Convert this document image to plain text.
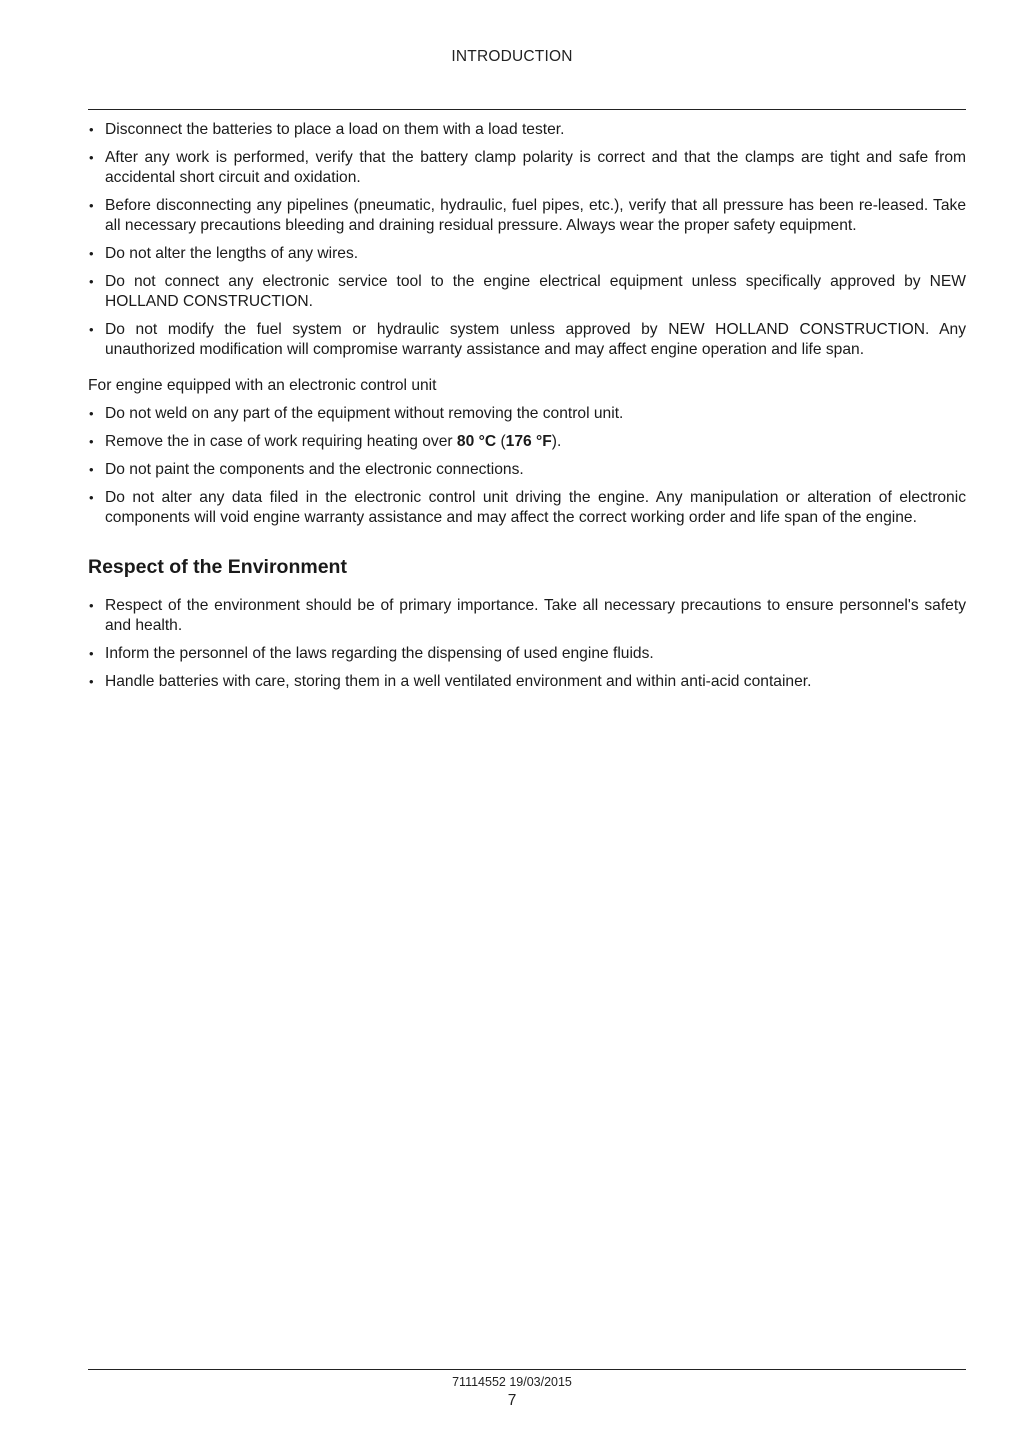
INTRODUCTION
• Disconnect the batteries to place a load on them with a load tester.
• After any work is performed, verify that the battery clamp polarity is correct and that the clamps are tight and safe from accidental short circuit and oxidation.
• Before disconnecting any pipelines (pneumatic, hydraulic, fuel pipes, etc.), verify that all pressure has been re-leased. Take all necessary precautions bleeding and draining residual pressure. Always wear the proper safety equipment.
• Do not alter the lengths of any wires.
• Do not connect any electronic service tool to the engine electrical equipment unless specifically approved by NEW HOLLAND CONSTRUCTION.
• Do not modify the fuel system or hydraulic system unless approved by NEW HOLLAND CONSTRUCTION. Any unauthorized modification will compromise warranty assistance and may affect engine operation and life span.

For engine equipped with an electronic control unit

• Do not weld on any part of the equipment without removing the control unit.
• Remove the in case of work requiring heating over 80 °C (176 °F).
• Do not paint the components and the electronic connections.
• Do not alter any data filed in the electronic control unit driving the engine. Any manipulation or alteration of electronic components will void engine warranty assistance and may affect the correct working order and life span of the engine.
Respect of the Environment
• Respect of the environment should be of primary importance. Take all necessary precautions to ensure personnel's safety and health.
• Inform the personnel of the laws regarding the dispensing of used engine fluids.
• Handle batteries with care, storing them in a well ventilated environment and within anti-acid container.
71114552 19/03/2015
7
